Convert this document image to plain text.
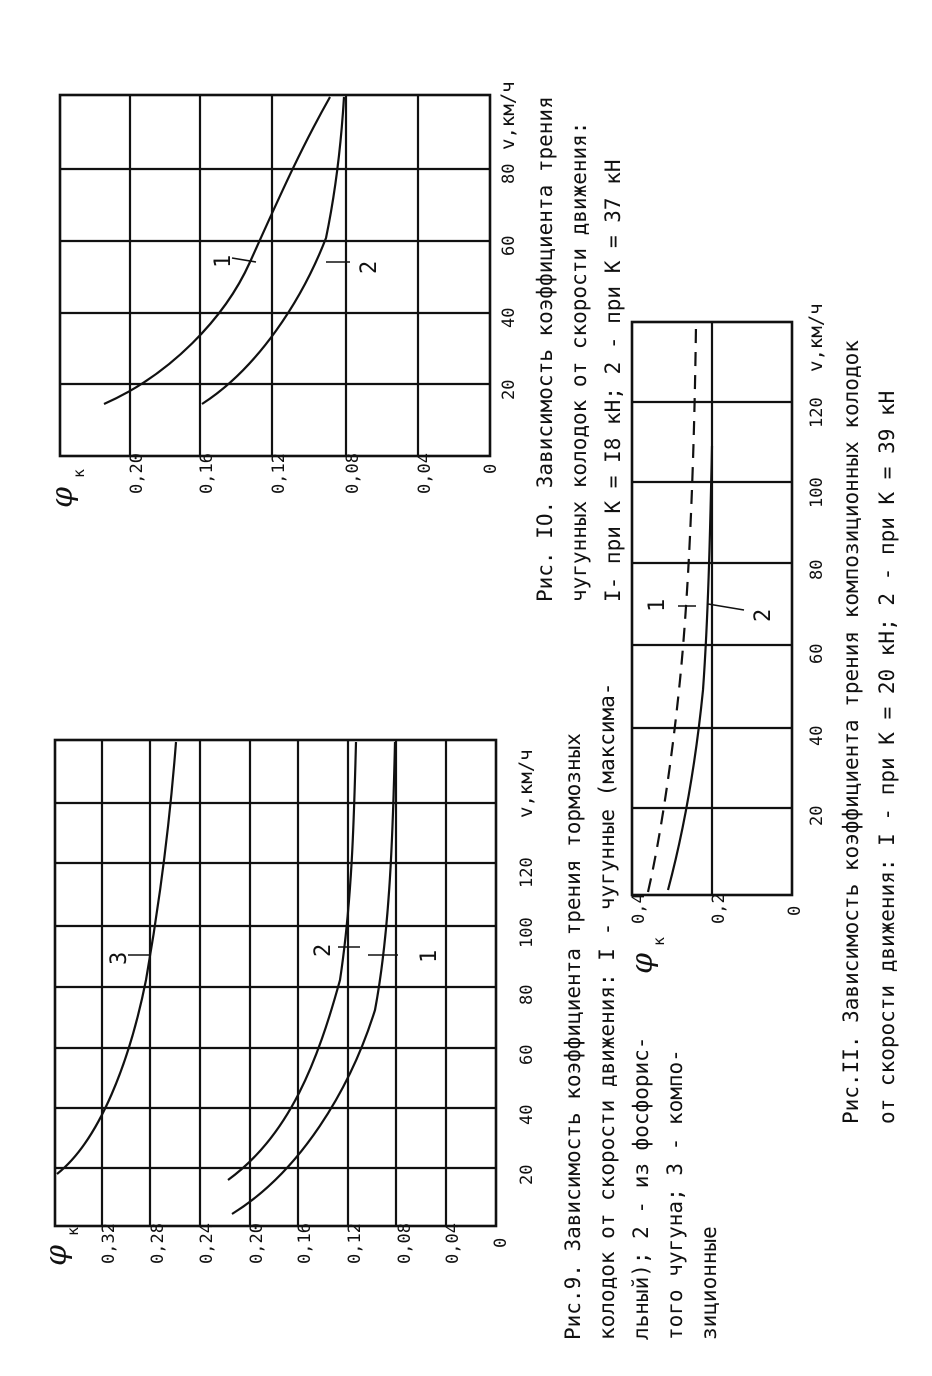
0
0,04
0,08
0,12
0,16
0,20
0,24
0,28
0,32
φ
к
20
40
60
80
100
120
v,км/ч
1
2
3	Рис.9. Зависимость коэффициента трения тормозных колодок от скорости движения: I - чугунные (максима- льный); 2 - из фосфорис- того чугуна; 3 - компо- зиционные
0
0,04
0,08
0,12
0,16
0,20
φ
к
20
40
60
80
v,км/ч
1	2	Рис. IO. Зависимость коэффициента трения чугунных колодок от скорости движения: I- при К = I8 кН; 2 - при К = 37 кН
0
0,2
0,4
φ
к
20
40
60
80
100
120
v,км/ч
1
2	Рис.II. Зависимость коэффициента трения композиционных колодок от скорости движения: I - при К = 20 кН; 2 - при К = 39 кН
